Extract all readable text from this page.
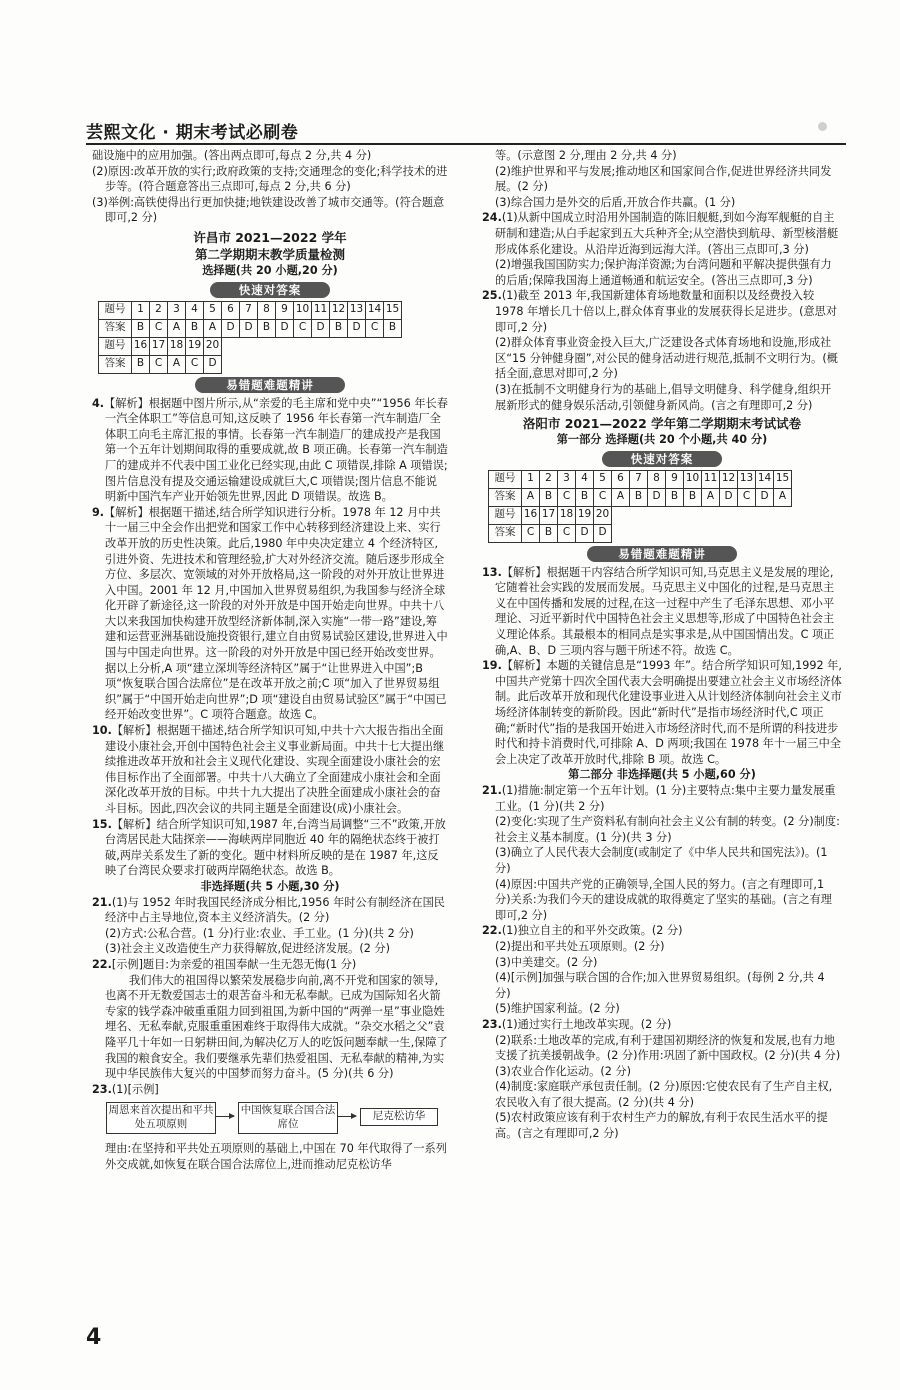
芸熙文化 · 期末考试必刷卷

础设施中的应用加强。(答出两点即可,每点 2 分,共 4 分)

(2)原因:改革开放的实行;政府政策的支持;交通理念的变化;科学技术的进步等。(符合题意答出三点即可,每点 2 分,共 6 分)

(3)举例:高铁使得出行更加快捷;地铁建设改善了城市交通等。(符合题意即可,2 分)

许昌市 2021—2022 学年

第二学期期末教学质量检测

选择题(共 20 小题,20 分)

快速对答案
题号	1	2	3	4	5	6	7	8	9	10	11	12	13	14	15
答案	B	C	A	B	A	D	D	B	D	C	D	B	D	C	B
题号	16	17	18	19	20										
答案	B	C	A	C	D										
易错题难题精讲

4.【解析】根据题中图片所示,从“亲爱的毛主席和党中央”“1956 年长春一汽全体职工”等信息可知,这反映了 1956 年长春第一汽车制造厂全体职工向毛主席汇报的事情。长春第一汽车制造厂的建成投产是我国第一个五年计划期间取得的重要成就,故 B 项正确。长春第一汽车制造厂的建成并不代表中国工业化已经实现,由此 C 项错误,排除 A 项错误;图片信息没有提及交通运输建设成就巨大,C 项错误;图片信息不能说明新中国汽车产业开始领先世界,因此 D 项错误。故选 B。

9.【解析】根据题干描述,结合所学知识进行分析。1978 年 12 月中共十一届三中全会作出把党和国家工作中心转移到经济建设上来、实行改革开放的历史性决策。此后,1980 年中央决定建立 4 个经济特区,引进外资、先进技术和管理经验,扩大对外经济交流。随后逐步形成全方位、多层次、宽领域的对外开放格局,这一阶段的对外开放让世界进入中国。2001 年 12 月,中国加入世界贸易组织,为我国参与经济全球化开辟了新途径,这一阶段的对外开放是中国开始走向世界。中共十八大以来我国加快构建开放型经济新体制,深入实施“一带一路”建设,筹建和运营亚洲基础设施投资银行,建立自由贸易试验区建设,世界进入中国与中国走向世界。这一阶段的对外开放是中国已经开始改变世界。据以上分析,A 项“建立深圳等经济特区”属于“让世界进入中国”;B 项“恢复联合国合法席位”是在改革开放之前;C 项“加入了世界贸易组织”属于“中国开始走向世界”;D 项“建设自由贸易试验区”属于“中国已经开始改变世界”。C 项符合题意。故选 C。

10.【解析】根据题干描述,结合所学知识可知,中共十六大报告指出全面建设小康社会,开创中国特色社会主义事业新局面。中共十七大提出继续推进改革开放和社会主义现代化建设、实现全面建设小康社会的宏伟目标作出了全面部署。中共十八大确立了全面建成小康社会和全面深化改革开放的目标。中共十九大提出了决胜全面建成小康社会的奋斗目标。因此,四次会议的共同主题是全面建设(成)小康社会。

15.【解析】结合所学知识可知,1987 年,台湾当局调整“三不”政策,开放台湾居民赴大陆探亲——海峡两岸同胞近 40 年的隔绝状态终于被打破,两岸关系发生了新的变化。题中材料所反映的是在 1987 年,这反映了台湾民众要求打破两岸隔绝状态。故选 B。

非选择题(共 5 小题,30 分)

21.(1)与 1952 年时我国民经济成分相比,1956 年时公有制经济在国民经济中占主导地位,资本主义经济消失。(2 分)

(2)方式:公私合营。(1 分)行业:农业、手工业。(1 分)(共 2 分)

(3)社会主义改造使生产力获得解放,促进经济发展。(2 分)

22.[示例]题目:为亲爱的祖国奉献一生无怨无悔(1 分)

我们伟大的祖国得以繁荣发展稳步向前,离不开党和国家的领导,也离不开无数爱国志士的艰苦奋斗和无私奉献。已成为国际知名火箭专家的钱学森冲破重重阻力回到祖国,为新中国的“两弹一星”事业隐姓埋名、无私奉献,克服重重困难终于取得伟大成就。“杂交水稻之父”袁隆平几十年如一日躬耕田间,为解决亿万人的吃饭问题奉献一生,保障了我国的粮食安全。我们要继承先辈们热爱祖国、无私奉献的精神,为实现中华民族伟大复兴的中国梦而努力奋斗。(5 分)(共 6 分)

23.(1)[示例]

周恩来首次提出和平共处五项原则
中国恢复联合国合法席位
尼克松访华

理由:在坚持和平共处五项原则的基础上,中国在 70 年代取得了一系列外交成就,如恢复在联合国合法席位上,进而推动尼克松访华

等。(示意图 2 分,理由 2 分,共 4 分)

(2)维护世界和平与发展;推动地区和国家间合作,促进世界经济共同发展。(2 分)

(3)综合国力是外交的后盾,开放合作共赢。(1 分)

24.(1)从新中国成立时沿用外国制造的陈旧舰艇,到如今海军舰艇的自主研制和建造;从白手起家到五大兵种齐全;从空潜快到航母、新型核潜艇形成体系化建设。从沿岸近海到远海大洋。(答出三点即可,3 分)

(2)增强我国国防实力;保护海洋资源;为台湾问题和平解决提供强有力的后盾;保障我国海上通道畅通和航运安全。(答出三点即可,3 分)

25.(1)截至 2013 年,我国新建体育场地数量和面积以及经费投入较 1978 年增长几十倍以上,群众体育事业的发展获得长足进步。(意思对即可,2 分)

(2)群众体育事业资金投入巨大,广泛建设各式体育场地和设施,形成社区“15 分钟健身圈”,对公民的健身活动进行规范,抵制不文明行为。(概括全面,意思对即可,2 分)

(3)在抵制不文明健身行为的基础上,倡导文明健身、科学健身,组织开展新形式的健身娱乐活动,引领健身新风尚。(言之有理即可,2 分)

洛阳市 2021—2022 学年第二学期期末考试试卷

第一部分 选择题(共 20 个小题,共 40 分)

快速对答案
题号	1	2	3	4	5	6	7	8	9	10	11	12	13	14	15
答案	A	B	C	B	C	A	B	D	B	B	A	D	C	D	A
题号	16	17	18	19	20										
答案	C	B	C	D	D										
易错题难题精讲

13.【解析】根据题干内容结合所学知识可知,马克思主义是发展的理论,它随着社会实践的发展而发展。马克思主义中国化的过程,是马克思主义在中国传播和发展的过程,在这一过程中产生了毛泽东思想、邓小平理论、习近平新时代中国特色社会主义思想等,形成了中国特色社会主义理论体系。其最根本的相同点是实事求是,从中国国情出发。C 项正确,A、B、D 三项内容与题干所述不符。故选 C。

19.【解析】本题的关键信息是“1993 年”。结合所学知识可知,1992 年,中国共产党第十四次全国代表大会明确提出要建立社会主义市场经济体制。此后改革开放和现代化建设事业进入从计划经济体制向社会主义市场经济体制转变的新阶段。因此“新时代”是指市场经济时代,C 项正确;“新时代”指的是我国开始进入市场经济时代,而不是所谓的科技进步时代和持卡消费时代,可排除 A、D 两项;我国在 1978 年十一届三中全会上决定了改革开放时代,排除 B 项。故选 C。

第二部分 非选择题(共 5 小题,60 分)

21.(1)措施:制定第一个五年计划。(1 分)主要特点:集中主要力量发展重工业。(1 分)(共 2 分)

(2)变化:实现了生产资料私有制向社会主义公有制的转变。(2 分)制度:社会主义基本制度。(1 分)(共 3 分)

(3)确立了人民代表大会制度(或制定了《中华人民共和国宪法》)。(1 分)

(4)原因:中国共产党的正确领导,全国人民的努力。(言之有理即可,1 分)关系:为我们今天的建设成就的取得奠定了坚实的基础。(言之有理即可,2 分)

22.(1)独立自主的和平外交政策。(2 分)

(2)提出和平共处五项原则。(2 分)

(3)中美建交。(2 分)

(4)[示例]加强与联合国的合作;加入世界贸易组织。(每例 2 分,共 4 分)

(5)维护国家利益。(2 分)

23.(1)通过实行土地改革实现。(2 分)

(2)联系:土地改革的完成,有利于建国初期经济的恢复和发展,也有力地支援了抗美援朝战争。(2 分)作用:巩固了新中国政权。(2 分)(共 4 分)

(3)农业合作化运动。(2 分)

(4)制度:家庭联产承包责任制。(2 分)原因:它使农民有了生产自主权,农民收入有了很大提高。(2 分)(共 4 分)

(5)农村政策应该有利于农村生产力的解放,有利于农民生活水平的提高。(言之有理即可,2 分)

4
